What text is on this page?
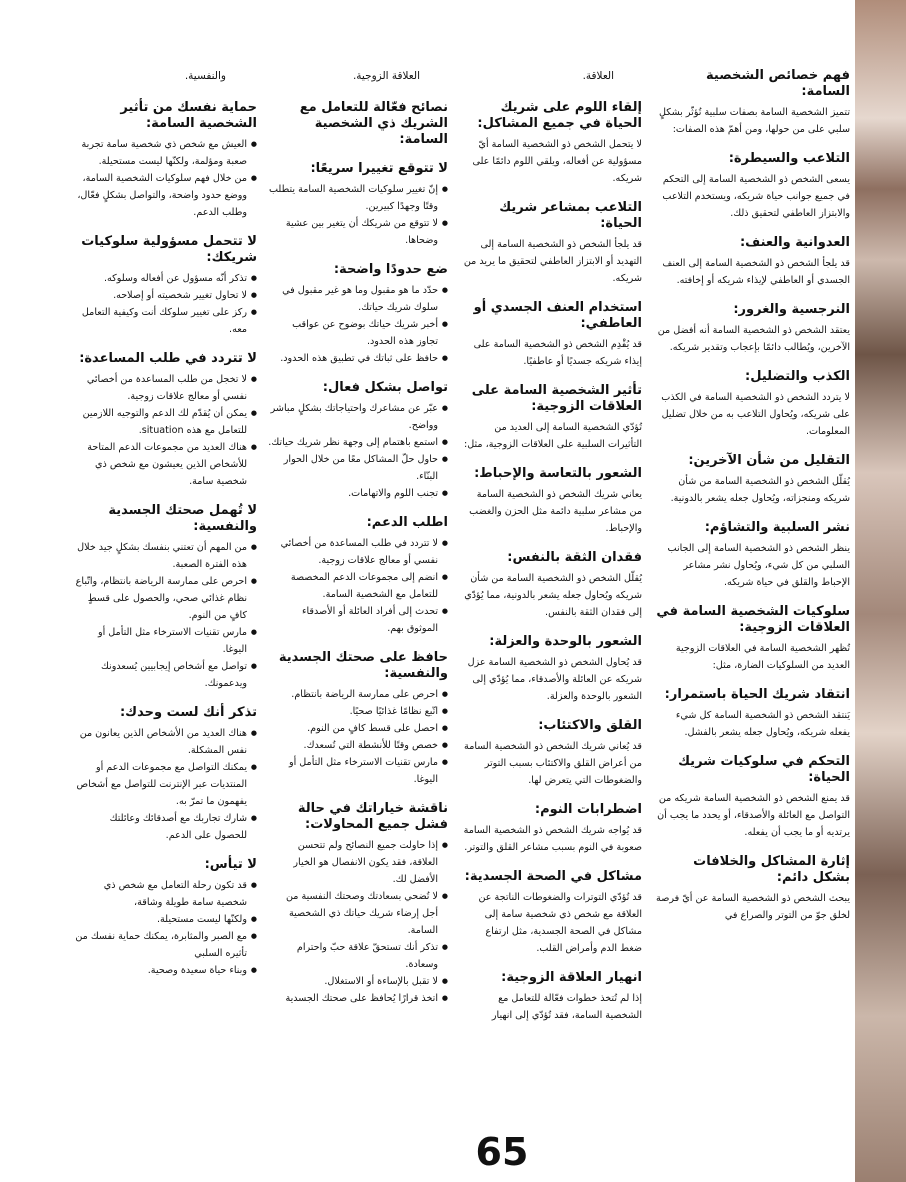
العلاقة.
العلاقة الزوجية.
والنفسية.	فهم خصائص الشخصية السامة:
تتميز الشخصية السامة بصفات سلبية تُؤثّر بشكلٍ سلبي على من حولها، ومن أهمّ هذه الصفات:
التلاعب والسيطرة:
يسعى الشخص ذو الشخصية السامة إلى التحكم في جميع جوانب حياة شريكه، ويستخدم التلاعب والابتزاز العاطفي لتحقيق ذلك.
العدوانية والعنف:
قد يلجأ الشخص ذو الشخصية السامة إلى العنف الجسدي أو العاطفي لإيذاء شريكه أو إخافته.
النرجسية والغرور:
يعتقد الشخص ذو الشخصية السامة أنه أفضل من الآخرين، ويُطالب دائمًا بإعجاب وتقدير شريكه.
الكذب والتضليل:
لا يتردد الشخص ذو الشخصية السامة في الكذب على شريكه، ويُحاول التلاعب به من خلال تضليل المعلومات.
التقليل من شأن الآخرين:
يُقلّل الشخص ذو الشخصية السامة من شأن شريكه ومنجزاته، ويُحاول جعله يشعر بالدونية.
نشر السلبية والتشاؤم:
ينظر الشخص ذو الشخصية السامة إلى الجانب السلبي من كل شيء، ويُحاول نشر مشاعر الإحباط والقلق في حياة شريكه.
سلوكيات الشخصية السامة في العلاقات الزوجية:
تُظهر الشخصية السامة في العلاقات الزوجية العديد من السلوكيات الضارة، مثل:
انتقاد شريك الحياة باستمرار:
يَنتقد الشخص ذو الشخصية السامة كل شيء يفعله شريكه، ويُحاول جعله يشعر بالفشل.
التحكم في سلوكيات شريك الحياة:
قد يمنع الشخص ذو الشخصية السامة شريكه من التواصل مع العائلة والأصدقاء، أو يحدد ما يجب أن يرتديه أو ما يجب أن يفعله.
إثارة المشاكل والخلافات بشكل دائم:
يبحث الشخص ذو الشخصية السامة عن أيّ فرصة لخلق جوّ من التوتر والصراع في
إلقاء اللوم على شريك الحياة في جميع المشاكل:
لا يتحمل الشخص ذو الشخصية السامة أيّ مسؤولية عن أفعاله، ويلقي اللوم دائمًا على شريكه.
التلاعب بمشاعر شريك الحياة:
قد يلجأ الشخص ذو الشخصية السامة إلى التهديد أو الابتزاز العاطفي لتحقيق ما يريد من شريكه.
استخدام العنف الجسدي أو العاطفي:
قد يُقْدِم الشخص ذو الشخصية السامة على إيذاء شريكه جسديًا أو عاطفيًا.
تأثير الشخصية السامة على العلاقات الزوجية:
تُؤدّي الشخصية السامة إلى العديد من التأثيرات السلبية على العلاقات الزوجية، مثل:
الشعور بالتعاسة والإحباط:
يعاني شريك الشخص ذو الشخصية السامة من مشاعر سلبية دائمة مثل الحزن والغضب والإحباط.
فقدان الثقة بالنفس:
يُقلّل الشخص ذو الشخصية السامة من شأن شريكه ويُحاول جعله يشعر بالدونية، مما يُؤدّي إلى فقدان الثقة بالنفس.
الشعور بالوحدة والعزلة:
قد يُحاول الشخص ذو الشخصية السامة عزل شريكه عن العائلة والأصدقاء، مما يُؤدّي إلى الشعور بالوحدة والعزلة.
القلق والاكتئاب:
قد يُعاني شريك الشخص ذو الشخصية السامة من أعراض القلق والاكتئاب بسبب التوتر والضغوطات التي يتعرض لها.
اضطرابات النوم:
قد يُواجه شريك الشخص ذو الشخصية السامة صعوبة في النوم بسبب مشاعر القلق والتوتر.
مشاكل في الصحة الجسدية:
قد تُؤدّي التوترات والضغوطات الناتجة عن العلاقة مع شخص ذي شخصية سامة إلى مشاكل في الصحة الجسدية، مثل ارتفاع ضغط الدم وأمراض القلب.
انهيار العلاقة الزوجية:
إذا لم تُتخذ خطوات فعّالة للتعامل مع الشخصية السامة، فقد تُؤدّي إلى انهيار
نصائح فعّالة للتعامل مع الشريك ذي الشخصية السامة:
لا تتوقع تغييرا سريعًا:
● إنّ تغيير سلوكيات الشخصية السامة يتطلب وقتًا وجهدًا كبيرين.
● لا تتوقع من شريكك أن يتغير بين عشية وضحاها.
ضع حدودًا واضحة:
● حدّد ما هو مقبول وما هو غير مقبول في سلوك شريك حياتك.
● أخبر شريك حياتك بوضوح عن عواقب تجاوز هذه الحدود.
● حافظ على ثباتك في تطبيق هذه الحدود.
تواصل بشكل فعال:
● عبّر عن مشاعرك واحتياجاتك بشكلٍ مباشر وواضح.
● استمع باهتمام إلى وجهة نظر شريك حياتك.
● حاول حلّ المشاكل معًا من خلال الحوار البنّاء.
● تجنب اللوم والاتهامات.
اطلب الدعم:
● لا تتردد في طلب المساعدة من أخصائي نفسي أو معالج علاقات زوجية.
● انضم إلى مجموعات الدعم المخصصة للتعامل مع الشخصية السامة.
● تحدث إلى أفراد العائلة أو الأصدقاء الموثوق بهم.
حافظ على صحتك الجسدية والنفسية:
● احرص على ممارسة الرياضة بانتظام.
● اتّبع نظامًا غذائيًا صحيًا.
● احصل على قسط كافٍ من النوم.
● خصص وقتًا للأنشطة التي تُسعدك.
● مارس تقنيات الاسترخاء مثل التأمل أو اليوغا.
ناقشة خياراتك في حالة فشل جميع المحاولات:
● إذا حاولت جميع النصائح ولم تتحسن العلاقة، فقد يكون الانفصال هو الخيار الأفضل لك.
● لا تُضحي بسعادتك وصحتك النفسية من أجل إرضاء شريك حياتك ذي الشخصية السامة.
● تذكر أنك تستحقّ علاقة حبّ واحترام وسعادة.
● لا تقبل بالإساءة أو الاستغلال.
● اتخذ قرارًا يُحافظ على صحتك الجسدية
حماية نفسك من تأثير الشخصية السامة:
● العيش مع شخص ذي شخصية سامة تجربة صعبة ومؤلمة، ولكنّها ليست مستحيلة.
● من خلال فهم سلوكيات الشخصية السامة، ووضع حدود واضحة، والتواصل بشكلٍ فعّال، وطلب الدعم.
لا تتحمل مسؤولية سلوكيات شريكك:
● تذكر أنّه مسؤول عن أفعاله وسلوكه.
● لا تحاول تغيير شخصيته أو إصلاحه.
● ركز على تغيير سلوكك أنت وكيفية التعامل معه.
لا تتردد في طلب المساعدة:
● لا تخجل من طلب المساعدة من أخصائي نفسي أو معالج علاقات زوجية.
● يمكن أن يُقدّم لك الدعم والتوجيه اللازمين للتعامل مع هذه situation.
● هناك العديد من مجموعات الدعم المتاحة للأشخاص الذين يعيشون مع شخص ذي شخصية سامة.
لا تُهمل صحتك الجسدية والنفسية:
● من المهم أن تعتني بنفسك بشكلٍ جيد خلال هذه الفترة الصعبة.
● احرص على ممارسة الرياضة بانتظام، واتّباع نظام غذائي صحي، والحصول على قسطٍ كافٍ من النوم.
● مارس تقنيات الاسترخاء مثل التأمل أو اليوغا.
● تواصل مع أشخاص إيجابيين يُسعدونك ويدعمونك.
تذكر أنك لست وحدك:
● هناك العديد من الأشخاص الذين يعانون من نفس المشكلة.
● يمكنك التواصل مع مجموعات الدعم أو المنتديات عبر الإنترنت للتواصل مع أشخاص يفهمون ما تمرّ به.
● شارك تجاربك مع أصدقائك وعائلتك للحصول على الدعم.
لا تيأس:
● قد تكون رحلة التعامل مع شخص ذي شخصية سامة طويلة وشاقة،
● ولكنّها ليست مستحيلة.
● مع الصبر والمثابرة، يمكنك حماية نفسك من تأثيره السلبي
● وبناء حياة سعيدة وصحية.
65
